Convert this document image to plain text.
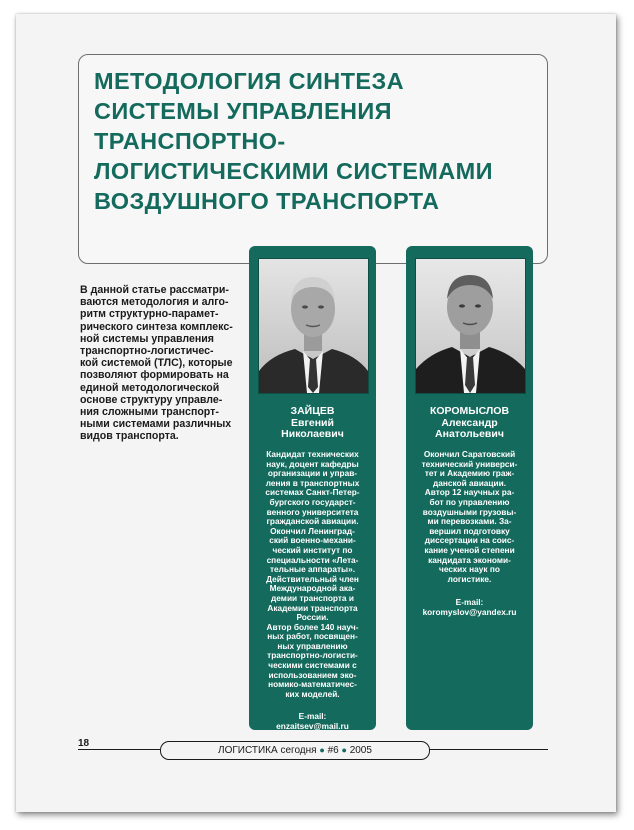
МЕТОДОЛОГИЯ СИНТЕЗА
СИСТЕМЫ УПРАВЛЕНИЯ
ТРАНСПОРТНО-
ЛОГИСТИЧЕСКИМИ СИСТЕМАМИ
ВОЗДУШНОГО ТРАНСПОРТА
В данной статье рассматри-
ваются методология и алго-
ритм структурно-парамет-
рического синтеза комплекс-
ной системы управления
транспортно-логистичес-
кой системой (ТЛС), которые
позволяют формировать на
единой методологической
основе структуру управле-
ния сложными транспорт-
ными системами различных
видов транспорта.
ЗАЙЦЕВ
Евгений
Николаевич
Кандидат технических
наук, доцент кафедры
организации и управ-
ления в транспортных
системах Санкт-Петер-
бургского государст-
венного университета
гражданской авиации.
Окончил Ленинград-
ский военно-механи-
ческий институт по
специальности «Лета-
тельные аппараты».
Действительный член
Международной ака-
демии транспорта и
Академии транспорта
России.
Автор более 140 науч-
ных работ, посвящен-
ных управлению
транспортно-логисти-
ческими системами с
использованием эко-
номико-математичес-
ких моделей.
E-mail:
enzaitsev@mail.ru
КОРОМЫСЛОВ
Александр
Анатольевич
Окончил Саратовский
технический универси-
тет и Академию граж-
данской авиации.
Автор 12 научных ра-
бот по управлению
воздушными грузовы-
ми перевозками. За-
вершил подготовку
диссертации на соис-
кание ученой степени
кандидата экономи-
ческих наук по
логистике.
E-mail:
koromyslov@yandex.ru
18
ЛОГИСТИКА сегодня ● #6 ● 2005
